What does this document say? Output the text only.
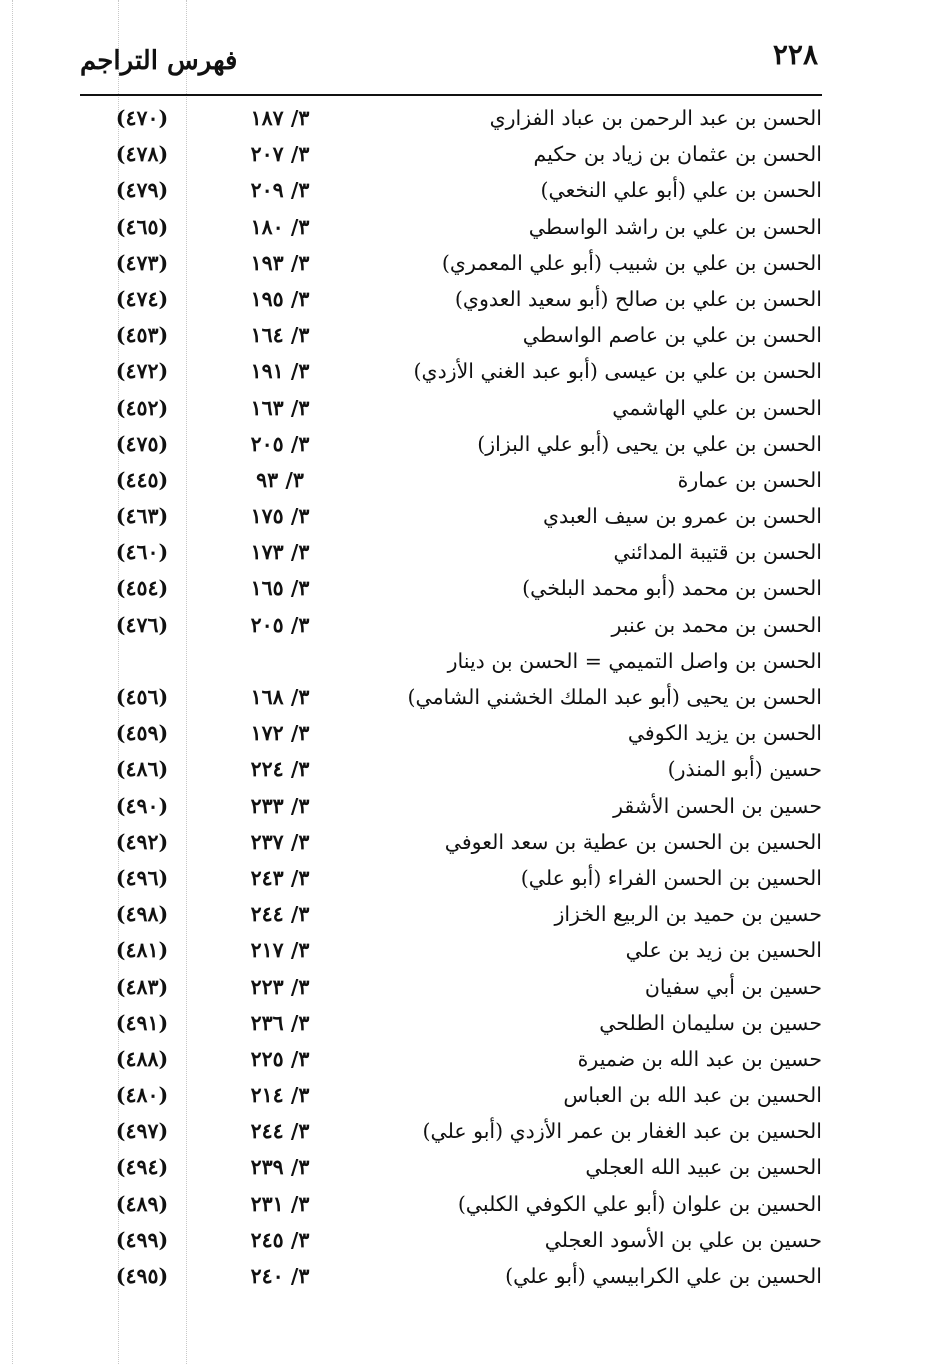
٢٢٨
فهرس التراجم
الحسن بن عبد الرحمن بن عباد الفزاري
٣/ ١٨٧
(٤٧٠)
الحسن بن عثمان بن زياد بن حكيم
٣/ ٢٠٧
(٤٧٨)
الحسن بن علي (أبو علي النخعي)
٣/ ٢٠٩
(٤٧٩)
الحسن بن علي بن راشد الواسطي
٣/ ١٨٠
(٤٦٥)
الحسن بن علي بن شبيب (أبو علي المعمري)
٣/ ١٩٣
(٤٧٣)
الحسن بن علي بن صالح (أبو سعيد العدوي)
٣/ ١٩٥
(٤٧٤)
الحسن بن علي بن عاصم الواسطي
٣/ ١٦٤
(٤٥٣)
الحسن بن علي بن عيسى (أبو عبد الغني الأزدي)
٣/ ١٩١
(٤٧٢)
الحسن بن علي الهاشمي
٣/ ١٦٣
(٤٥٢)
الحسن بن علي بن يحيى (أبو علي البزاز)
٣/ ٢٠٥
(٤٧٥)
الحسن بن عمارة
٣/ ٩٣
(٤٤٥)
الحسن بن عمرو بن سيف العبدي
٣/ ١٧٥
(٤٦٣)
الحسن بن قتيبة المدائني
٣/ ١٧٣
(٤٦٠)
الحسن بن محمد (أبو محمد البلخي)
٣/ ١٦٥
(٤٥٤)
الحسن بن محمد بن عنبر
٣/ ٢٠٥
(٤٧٦)
الحسن بن واصل التميمي = الحسن بن دينار
الحسن بن يحيى (أبو عبد الملك الخشني الشامي)
٣/ ١٦٨
(٤٥٦)
الحسن بن يزيد الكوفي
٣/ ١٧٢
(٤٥٩)
حسين (أبو المنذر)
٣/ ٢٢٤
(٤٨٦)
حسين بن الحسن الأشقر
٣/ ٢٣٣
(٤٩٠)
الحسين بن الحسن بن عطية بن سعد العوفي
٣/ ٢٣٧
(٤٩٢)
الحسين بن الحسن الفراء (أبو علي)
٣/ ٢٤٣
(٤٩٦)
حسين بن حميد بن الربيع الخزاز
٣/ ٢٤٤
(٤٩٨)
الحسين بن زيد بن علي
٣/ ٢١٧
(٤٨١)
حسين بن أبي سفيان
٣/ ٢٢٣
(٤٨٣)
حسين بن سليمان الطلحي
٣/ ٢٣٦
(٤٩١)
حسين بن عبد الله بن ضميرة
٣/ ٢٢٥
(٤٨٨)
الحسين بن عبد الله بن العباس
٣/ ٢١٤
(٤٨٠)
الحسين بن عبد الغفار بن عمر الأزدي (أبو علي)
٣/ ٢٤٤
(٤٩٧)
الحسين بن عبيد الله العجلي
٣/ ٢٣٩
(٤٩٤)
الحسين بن علوان (أبو علي الكوفي الكلبي)
٣/ ٢٣١
(٤٨٩)
حسين بن علي بن الأسود العجلي
٣/ ٢٤٥
(٤٩٩)
الحسين بن علي الكرابيسي (أبو علي)
٣/ ٢٤٠
(٤٩٥)
